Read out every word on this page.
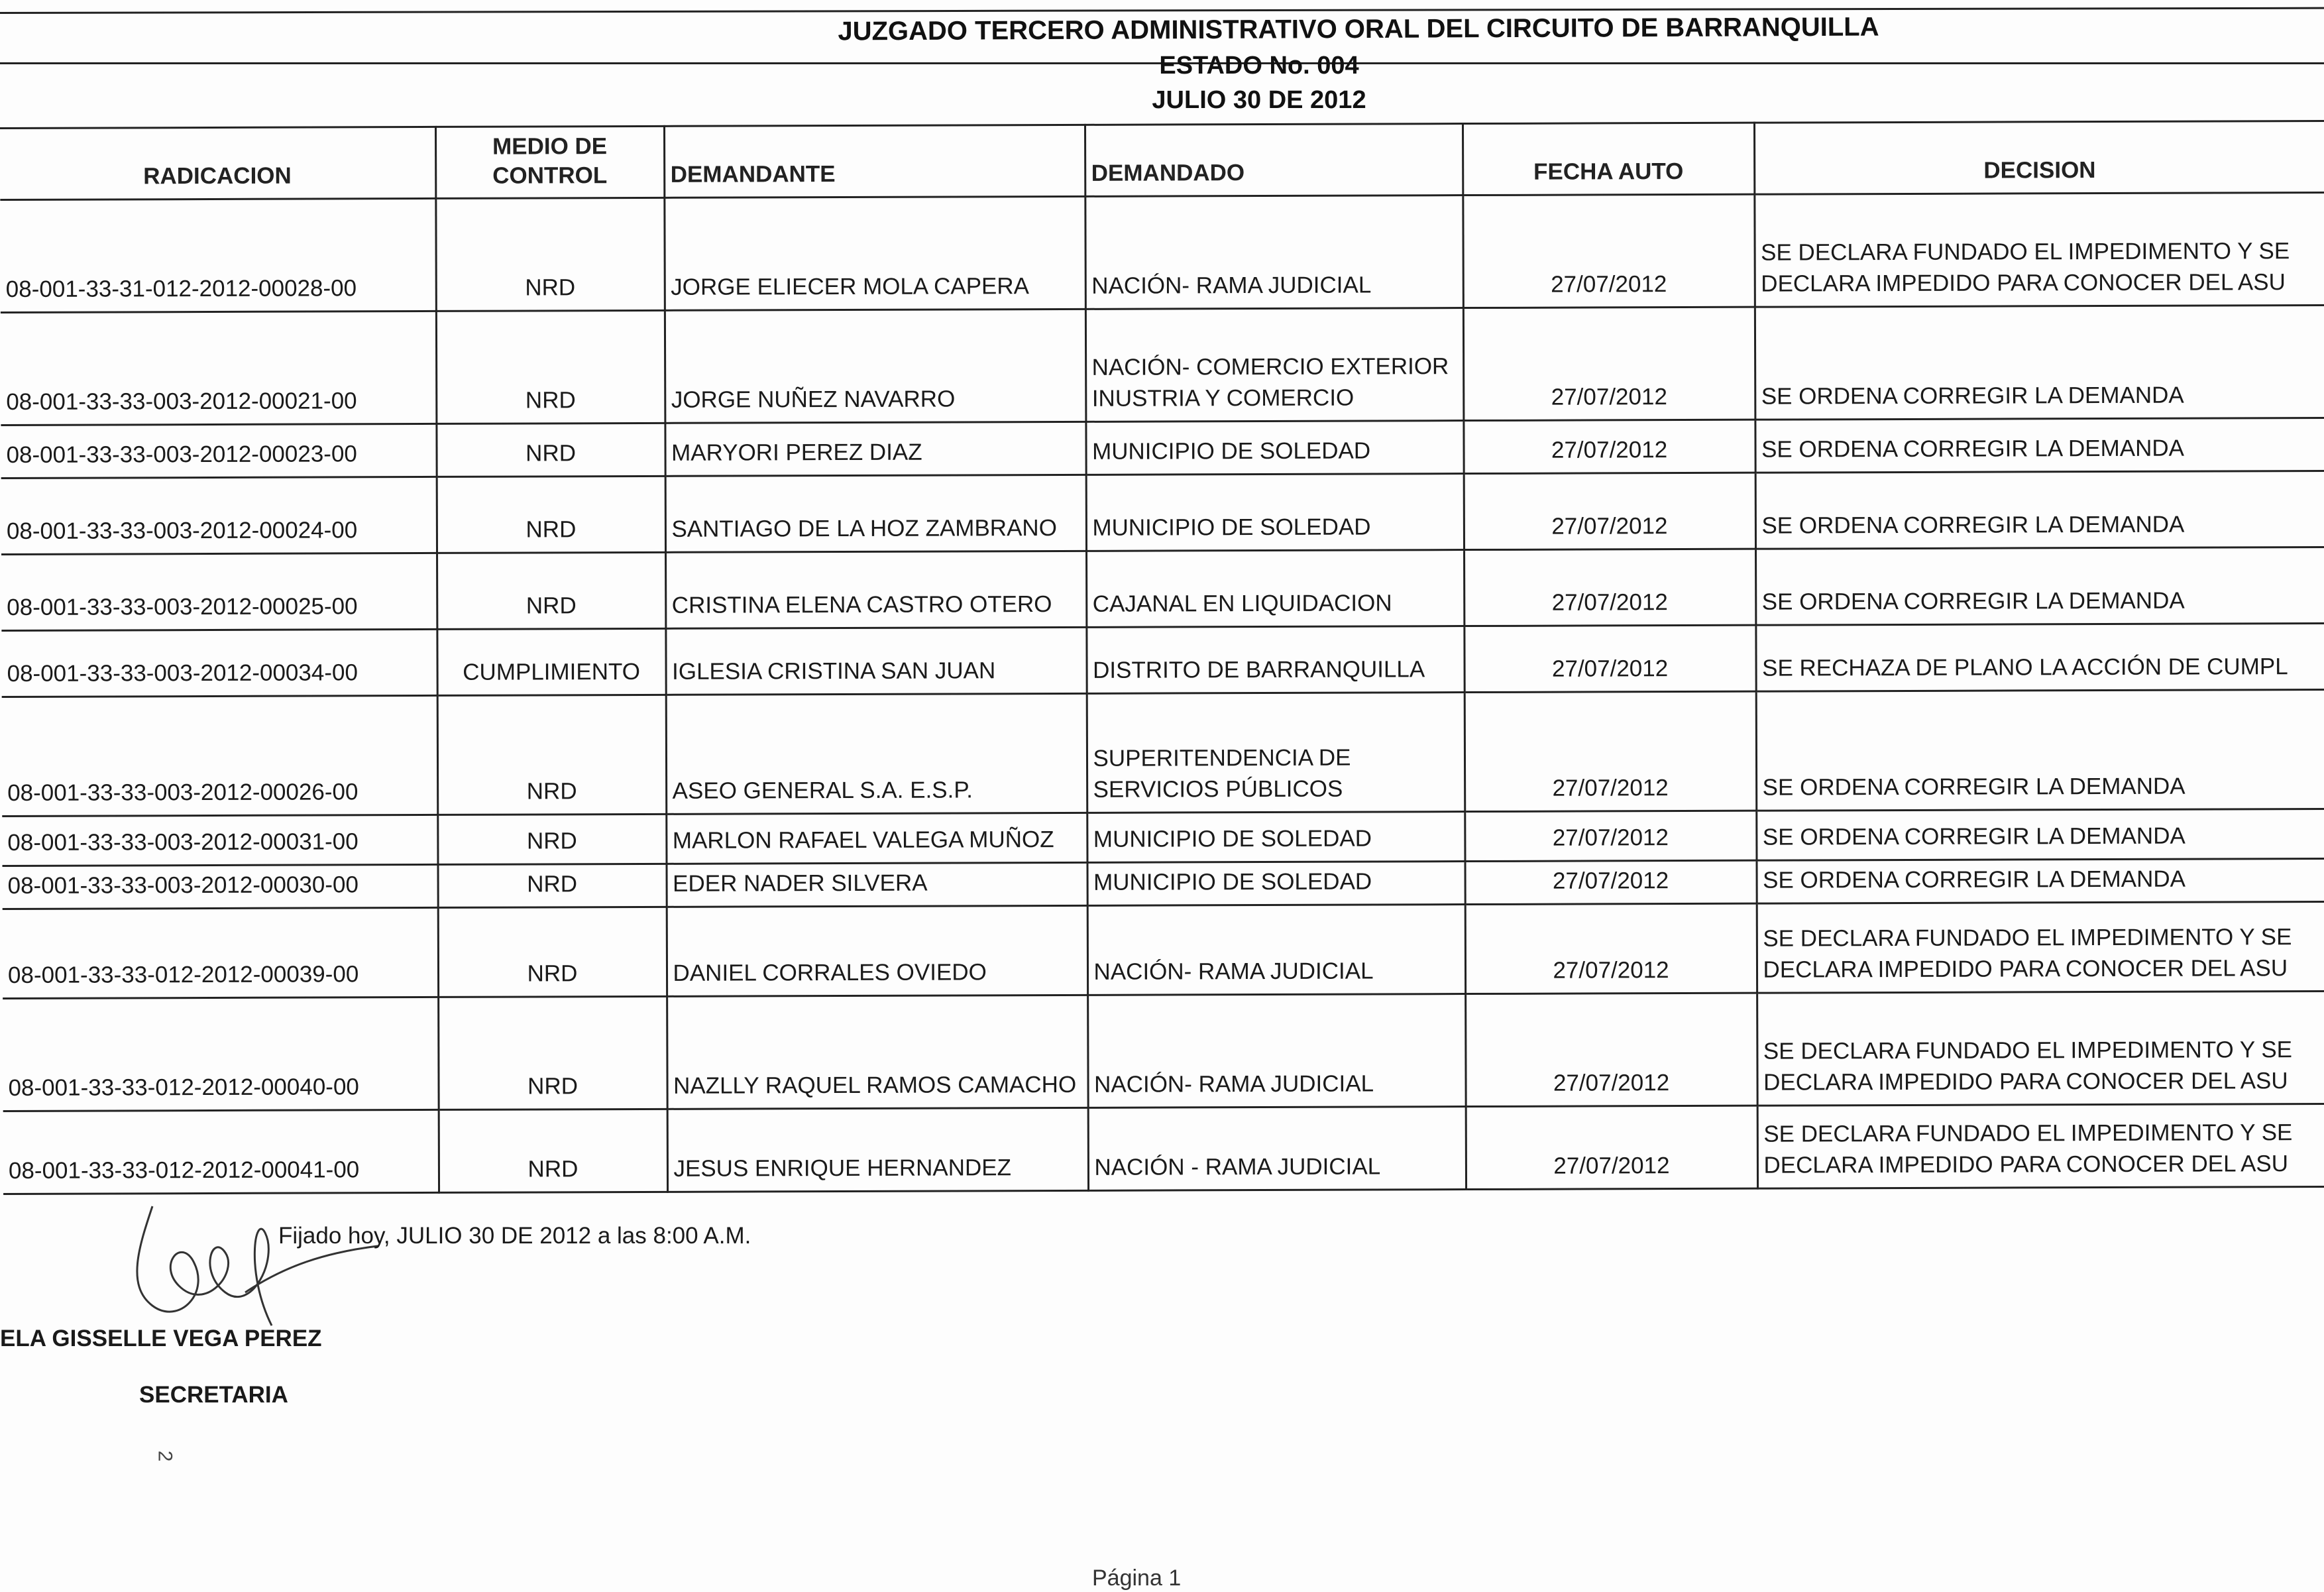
JUZGADO TERCERO ADMINISTRATIVO ORAL DEL CIRCUITO DE BARRANQUILLA
ESTADO No. 004
JULIO 30 DE 2012
RADICACION	MEDIO DE CONTROL	DEMANDANTE	DEMANDADO	FECHA AUTO	DECISION
08-001-33-31-012-2012-00028-00	NRD	JORGE ELIECER MOLA CAPERA	NACIÓN- RAMA JUDICIAL	27/07/2012	SE DECLARA FUNDADO EL IMPEDIMENTO Y SE DECLARA IMPEDIDO PARA CONOCER DEL ASU
08-001-33-33-003-2012-00021-00	NRD	JORGE NUÑEZ NAVARRO	NACIÓN- COMERCIO EXTERIOR INUSTRIA Y COMERCIO	27/07/2012	SE ORDENA CORREGIR LA DEMANDA
08-001-33-33-003-2012-00023-00	NRD	MARYORI PEREZ DIAZ	MUNICIPIO DE SOLEDAD	27/07/2012	SE ORDENA CORREGIR LA DEMANDA
08-001-33-33-003-2012-00024-00	NRD	SANTIAGO DE LA HOZ ZAMBRANO	MUNICIPIO DE SOLEDAD	27/07/2012	SE ORDENA CORREGIR LA DEMANDA
08-001-33-33-003-2012-00025-00	NRD	CRISTINA ELENA CASTRO OTERO	CAJANAL EN LIQUIDACION	27/07/2012	SE ORDENA CORREGIR LA DEMANDA
08-001-33-33-003-2012-00034-00	CUMPLIMIENTO	IGLESIA CRISTINA SAN JUAN	DISTRITO DE BARRANQUILLA	27/07/2012	SE RECHAZA DE PLANO LA ACCIÓN DE CUMPL
08-001-33-33-003-2012-00026-00	NRD	ASEO GENERAL S.A. E.S.P.	SUPERITENDENCIA DE SERVICIOS PÚBLICOS	27/07/2012	SE ORDENA CORREGIR LA DEMANDA
08-001-33-33-003-2012-00031-00	NRD	MARLON RAFAEL VALEGA MUÑOZ	MUNICIPIO DE SOLEDAD	27/07/2012	SE ORDENA CORREGIR LA DEMANDA
08-001-33-33-003-2012-00030-00	NRD	EDER NADER SILVERA	MUNICIPIO DE SOLEDAD	27/07/2012	SE ORDENA CORREGIR LA DEMANDA
08-001-33-33-012-2012-00039-00	NRD	DANIEL CORRALES OVIEDO	NACIÓN- RAMA JUDICIAL	27/07/2012	SE DECLARA FUNDADO EL IMPEDIMENTO Y SE DECLARA IMPEDIDO PARA CONOCER DEL ASU
08-001-33-33-012-2012-00040-00	NRD	NAZLLY RAQUEL RAMOS CAMACHO	NACIÓN- RAMA JUDICIAL	27/07/2012	SE DECLARA FUNDADO EL IMPEDIMENTO Y SE DECLARA IMPEDIDO PARA CONOCER DEL ASU
08-001-33-33-012-2012-00041-00	NRD	JESUS ENRIQUE HERNANDEZ	NACIÓN - RAMA JUDICIAL	27/07/2012	SE DECLARA FUNDADO EL IMPEDIMENTO Y SE DECLARA IMPEDIDO PARA CONOCER DEL ASU
Fijado hoy, JULIO 30 DE 2012 a las 8:00 A.M.
ELA GISSELLE VEGA PEREZ
SECRETARIA
2
Página 1
